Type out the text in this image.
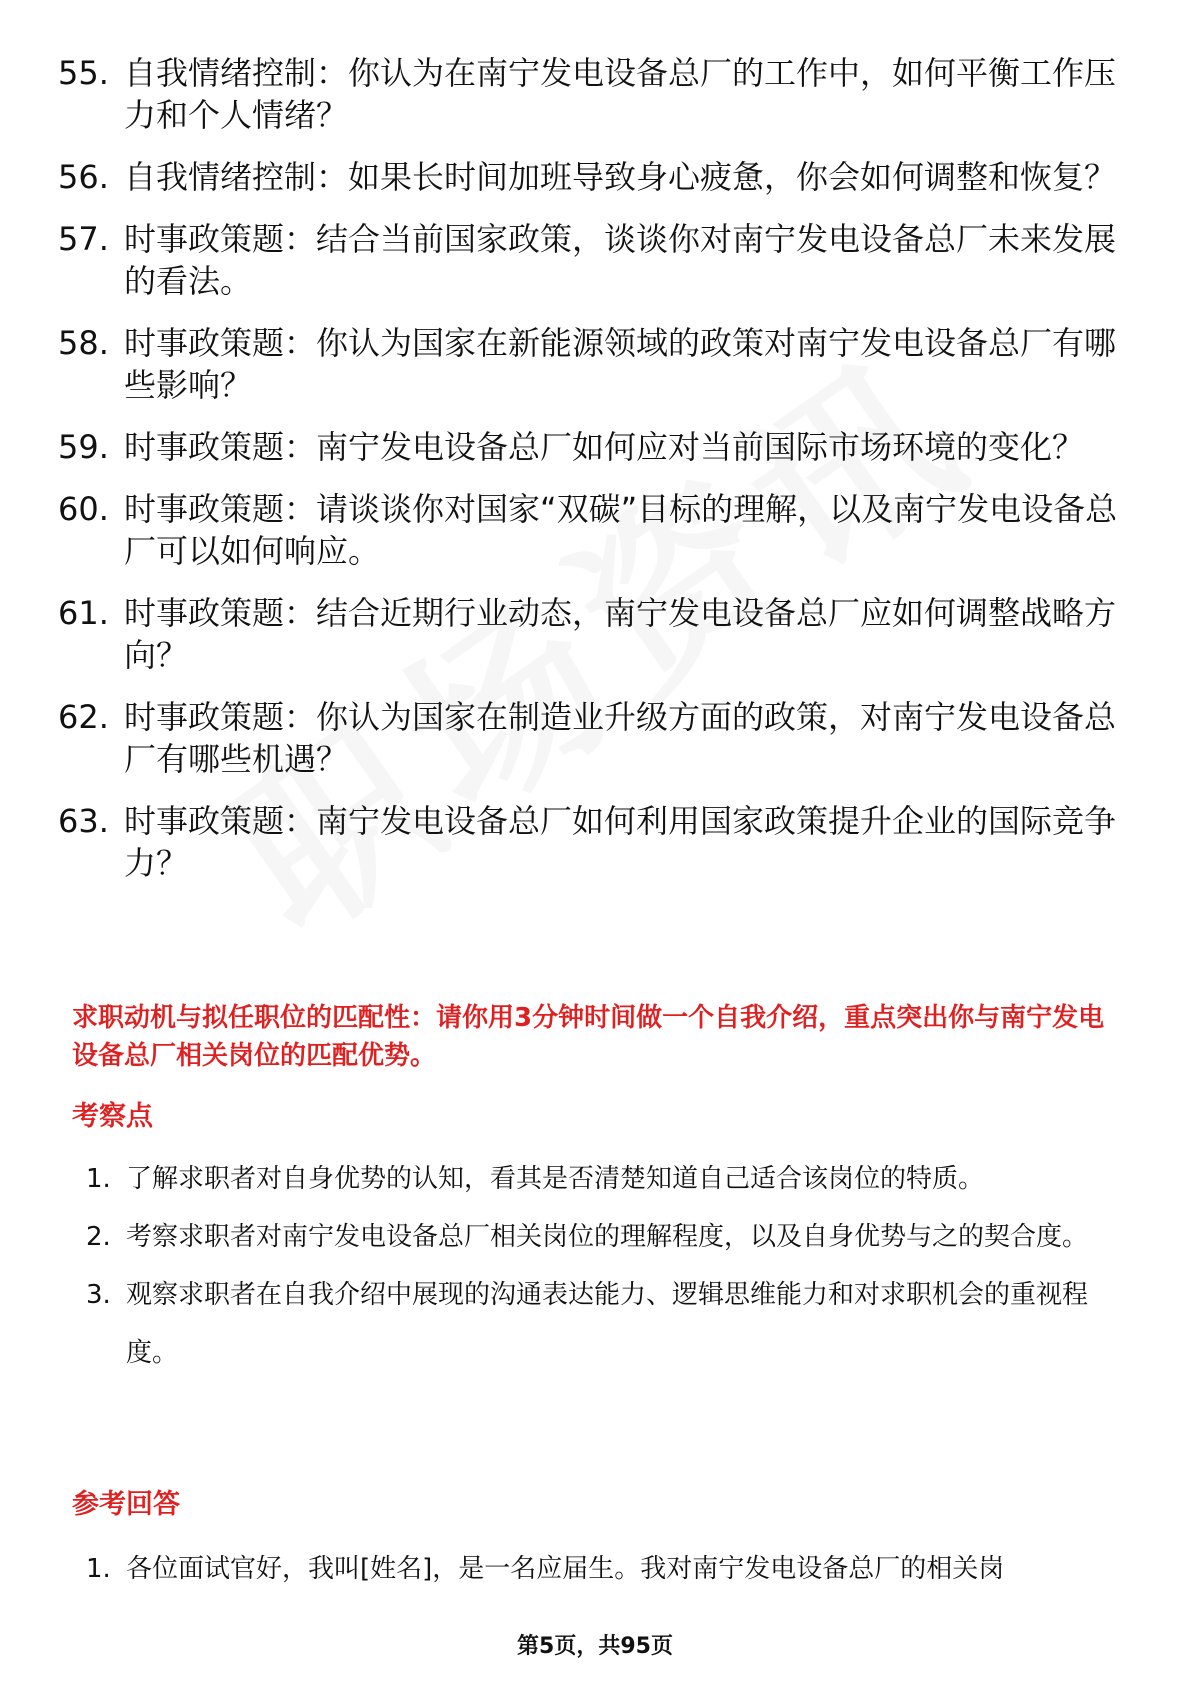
55. 自我情绪控制：你认为在南宁发电设备总厂的工作中，如何平衡工作压力和个人情绪？
56. 自我情绪控制：如果长时间加班导致身心疲惫，你会如何调整和恢复？
57. 时事政策题：结合当前国家政策，谈谈你对南宁发电设备总厂未来发展的看法。
58. 时事政策题：你认为国家在新能源领域的政策对南宁发电设备总厂有哪些影响？
59. 时事政策题：南宁发电设备总厂如何应对当前国际市场环境的变化？
60. 时事政策题：请谈谈你对国家“双碳”目标的理解，以及南宁发电设备总厂可以如何响应。
61. 时事政策题：结合近期行业动态，南宁发电设备总厂应如何调整战略方向？
62. 时事政策题：你认为国家在制造业升级方面的政策，对南宁发电设备总厂有哪些机遇？
63. 时事政策题：南宁发电设备总厂如何利用国家政策提升企业的国际竞争力？
求职动机与拟任职位的匹配性：请你用3分钟时间做一个自我介绍，重点突出你与南宁发电设备总厂相关岗位的匹配优势。
考察点
1. 了解求职者对自身优势的认知，看其是否清楚知道自己适合该岗位的特质。
2. 考察求职者对南宁发电设备总厂相关岗位的理解程度，以及自身优势与之的契合度。
3. 观察求职者在自我介绍中展现的沟通表达能力、逻辑思维能力和对求职机会的重视程度。
参考回答
1. 各位面试官好，我叫[姓名]，是一名应届生。我对南宁发电设备总厂的相关岗
第5页，共95页
